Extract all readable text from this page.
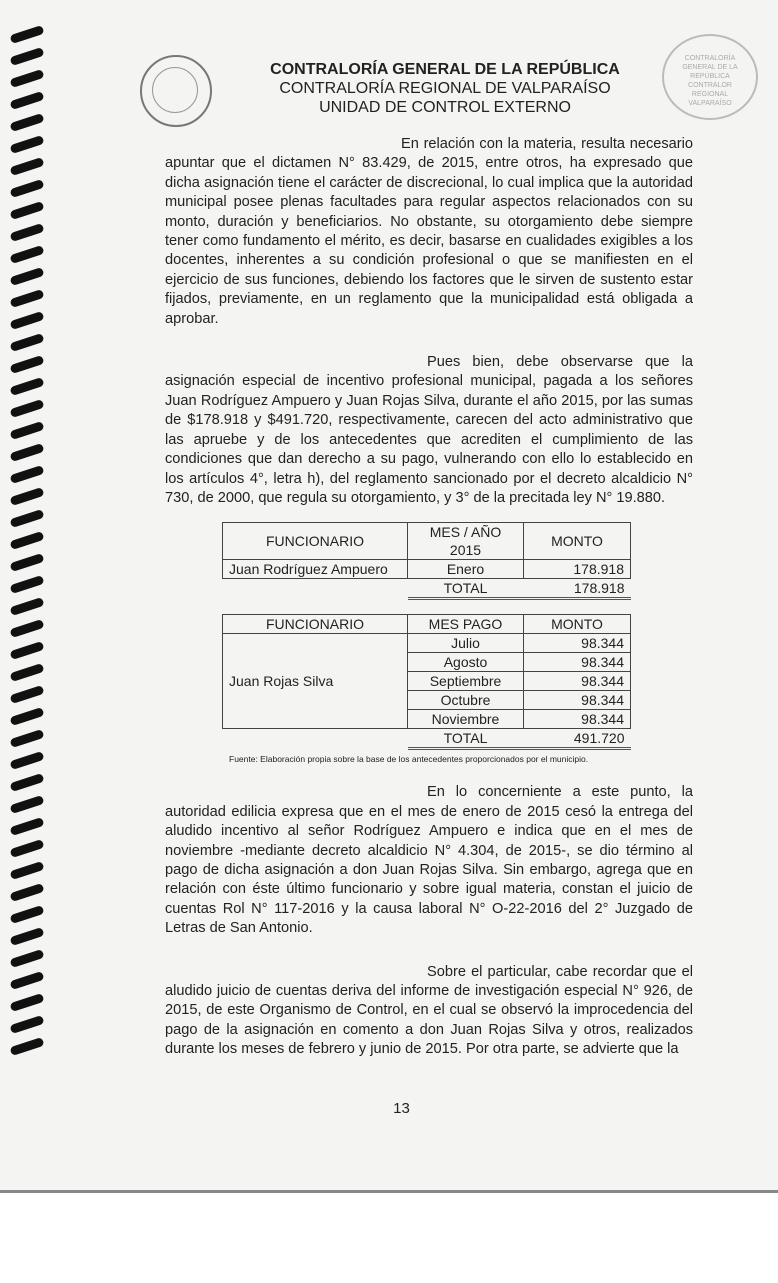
CONTRALORÍA GENERAL DE LA REPÚBLICA CONTRALOR REGIONAL VALPARAÍSO
CONTRALORÍA GENERAL DE LA REPÚBLICA
CONTRALORÍA REGIONAL DE VALPARAÍSO
UNIDAD DE CONTROL EXTERNO

En relación con la materia, resulta necesario apuntar que el dictamen N° 83.429, de 2015, entre otros, ha expresado que dicha asignación tiene el carácter de discrecional, lo cual implica que la autoridad municipal posee plenas facultades para regular aspectos relacionados con su monto, duración y beneficiarios. No obstante, su otorgamiento debe siempre tener como fundamento el mérito, es decir, basarse en cualidades exigibles a los docentes, inherentes a su condición profesional o que se manifiesten en el ejercicio de sus funciones, debiendo los factores que le sirven de sustento estar fijados, previamente, en un reglamento que la municipalidad está obligada a aprobar.

Pues bien, debe observarse que la asignación especial de incentivo profesional municipal, pagada a los señores Juan Rodríguez Ampuero y Juan Rojas Silva, durante el año 2015, por las sumas de $178.918 y $491.720, respectivamente, carecen del acto administrativo que las apruebe y de los antecedentes que acrediten el cumplimiento de las condiciones que dan derecho a su pago, vulnerando con ello lo establecido en los artículos 4°, letra h), del reglamento sancionado por el decreto alcaldicio N° 730, de 2000, que regula su otorgamiento, y 3° de la precitada ley N° 19.880.

FUNCIONARIO	MES / AÑO 2015	MONTO
Juan Rodríguez Ampuero	Enero	178.918
	TOTAL	178.918
FUNCIONARIO	MES PAGO	MONTO
Juan Rojas Silva	Julio	98.344
	Agosto	98.344
	Septiembre	98.344
	Octubre	98.344
	Noviembre	98.344
	TOTAL	491.720
Fuente: Elaboración propia sobre la base de los antecedentes proporcionados por el municipio.

En lo concerniente a este punto, la autoridad edilicia expresa que en el mes de enero de 2015 cesó la entrega del aludido incentivo al señor Rodríguez Ampuero e indica que en el mes de noviembre -mediante decreto alcaldicio N° 4.304, de 2015-, se dio término al pago de dicha asignación a don Juan Rojas Silva. Sin embargo, agrega que en relación con éste último funcionario y sobre igual materia, constan el juicio de cuentas Rol N° 117-2016 y la causa laboral N° O-22-2016 del 2° Juzgado de Letras de San Antonio.

Sobre el particular, cabe recordar que el aludido juicio de cuentas deriva del informe de investigación especial N° 926, de 2015, de este Organismo de Control, en el cual se observó la improcedencia del pago de la asignación en comento a don Juan Rojas Silva y otros, realizados durante los meses de febrero y junio de 2015. Por otra parte, se advierte que la

13
